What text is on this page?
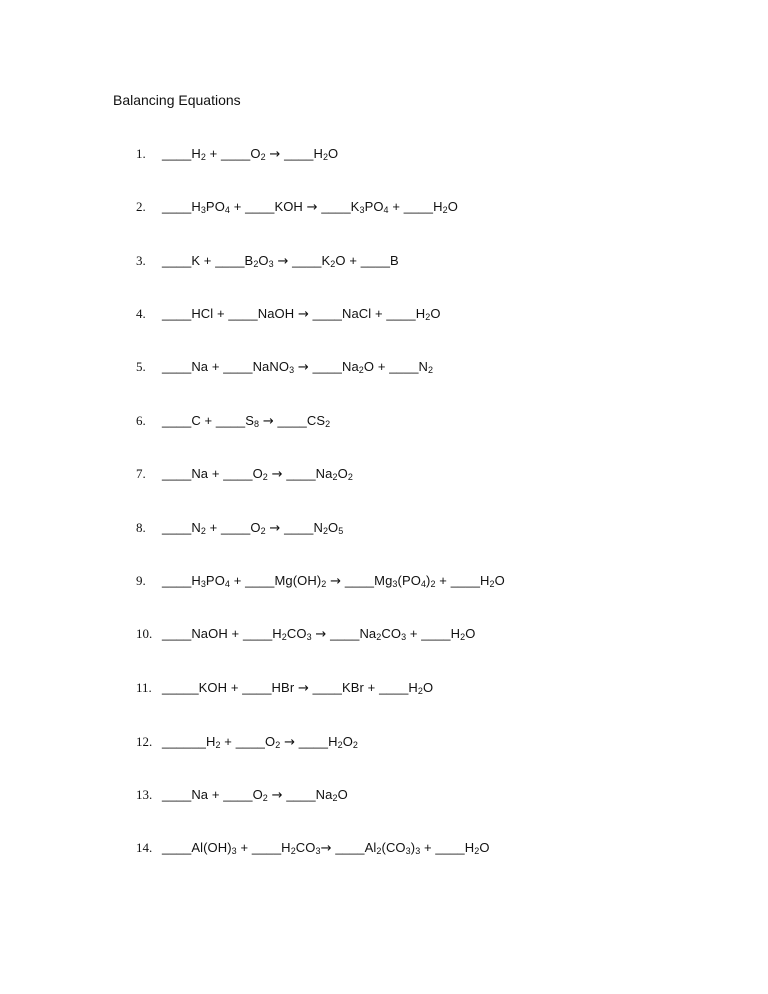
Balancing Equations
1. $\_\_\_\_H_2$ + $\_\_\_\_O_2$ → $\_\_\_\_H_2O$
2. $\_\_\_\_H_3PO_4$ + ____KOH → $\_\_\_\_K_3PO_4$ + $\_\_\_\_H_2O$
3. ____K + $\_\_\_\_B_2O_3$ → $\_\_\_\_K_2O$ + ____B
4. ____HCl + ____NaOH → ____NaCl + $\_\_\_\_H_2O$
5. ____Na + ____NaNO$_3$ → $\_\_\_\_Na_2O$ + $\_\_\_\_N_2$
6. ____C + $\_\_\_\_S_8$ → $\_\_\_\_CS_2$
7. ____Na + $\_\_\_\_O_2$ → $\_\_\_\_Na_2O_2$
8. $\_\_\_\_N_2$ + $\_\_\_\_O_2$ → $\_\_\_\_N_2O_5$
9. $\_\_\_\_H_3PO_4$ + $\_\_\_\_Mg(OH)_2$ → $\_\_\_\_Mg_3(PO_4)_2$ + $\_\_\_\_H_2O$
10. ____NaOH + $\_\_\_\_H_2CO_3$ → $\_\_\_\_Na_2CO_3$ + $\_\_\_\_H_2O$
11. _____KOH + ____HBr → ____KBr + $\_\_\_\_H_2O$
12. $\_\_\_\_\_\_H_2$ + $\_\_\_\_O_2$ → $\_\_\_\_H_2O_2$
13. ____Na + $\_\_\_\_O_2$ → $\_\_\_\_Na_2O$
14. $\_\_\_\_Al(OH)_3$ + $\_\_\_\_H_2CO_3\to$ $\_\_\_\_Al_2(CO_3)_3$ + $\_\_\_\_H_2O$
